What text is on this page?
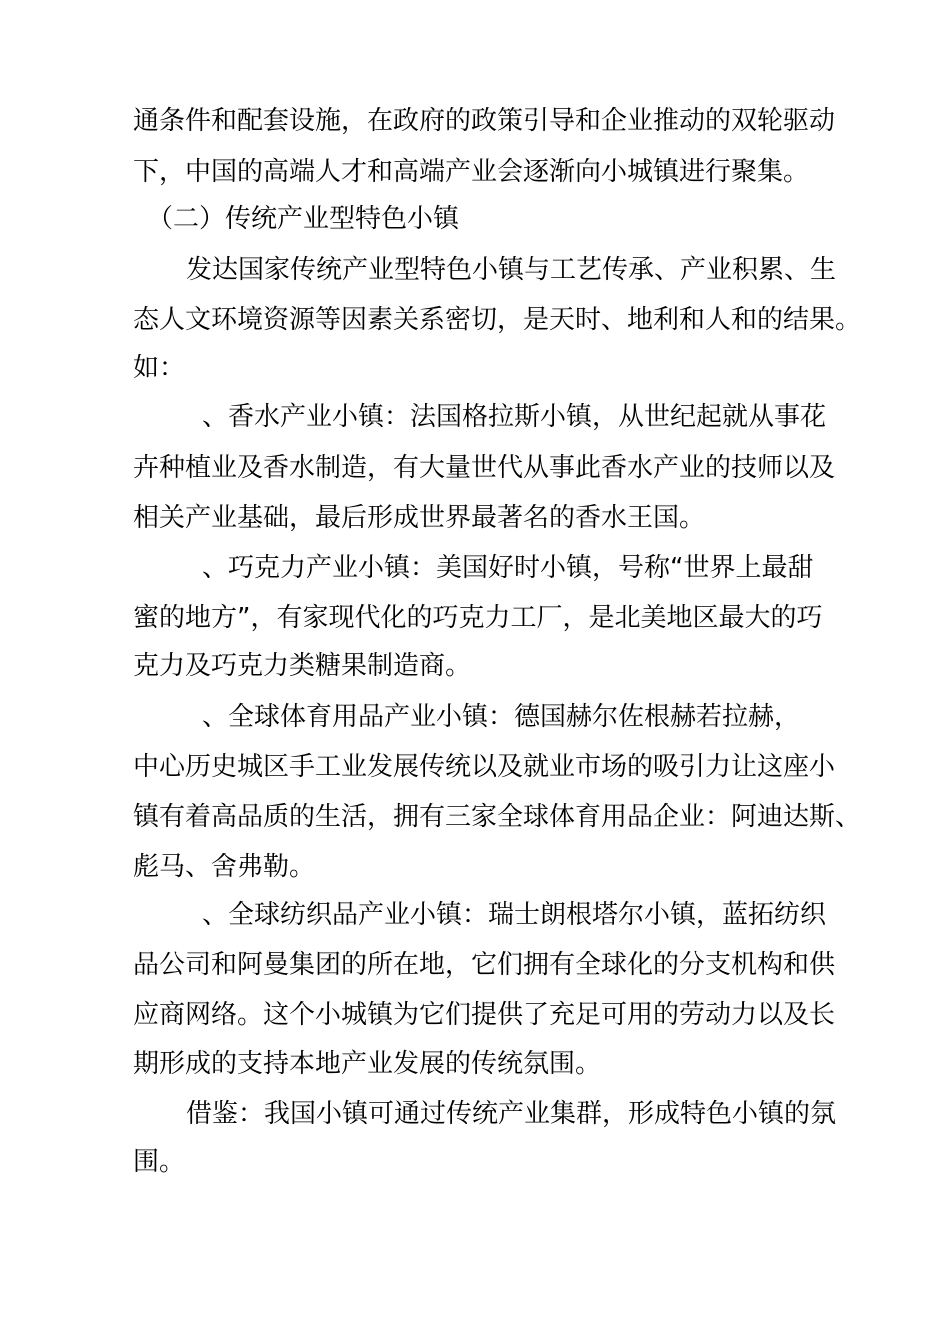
通条件和配套设施，在政府的政策引导和企业推动的双轮驱动
下，中国的高端人才和高端产业会逐渐向小城镇进行聚集。
（二）传统产业型特色小镇
发达国家传统产业型特色小镇与工艺传承、产业积累、生
态人文环境资源等因素关系密切，是天时、地利和人和的结果。
如：
、香水产业小镇：法国格拉斯小镇，从世纪起就从事花
卉种植业及香水制造，有大量世代从事此香水产业的技师以及
相关产业基础，最后形成世界最著名的香水王国。
、巧克力产业小镇：美国好时小镇，号称“世界上最甜
蜜的地方”，有家现代化的巧克力工厂，是北美地区最大的巧
克力及巧克力类糖果制造商。
、全球体育用品产业小镇：德国赫尔佐根赫若拉赫，
中心历史城区手工业发展传统以及就业市场的吸引力让这座小
镇有着高品质的生活，拥有三家全球体育用品企业：阿迪达斯、
彪马、舍弗勒。
、全球纺织品产业小镇：瑞士朗根塔尔小镇，蓝拓纺织
品公司和阿曼集团的所在地，它们拥有全球化的分支机构和供
应商网络。这个小城镇为它们提供了充足可用的劳动力以及长
期形成的支持本地产业发展的传统氛围。
借鉴：我国小镇可通过传统产业集群，形成特色小镇的氛
围。
